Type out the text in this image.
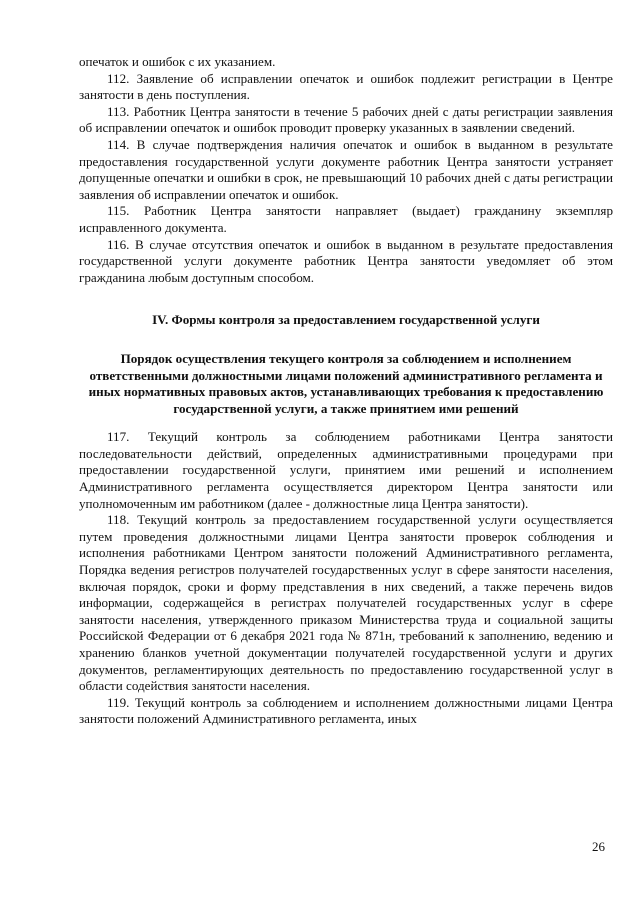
опечаток и ошибок с их указанием.

112. Заявление об исправлении опечаток и ошибок подлежит регистрации в Центре занятости в день поступления.

113. Работник Центра занятости в течение 5 рабочих дней с даты регистрации заявления об исправлении опечаток и ошибок проводит проверку указанных в заявлении сведений.

114. В случае подтверждения наличия опечаток и ошибок в выданном в результате предоставления государственной услуги документе работник Центра занятости устраняет допущенные опечатки и ошибки в срок, не превышающий 10 рабочих дней с даты регистрации заявления об исправлении опечаток и ошибок.

115. Работник Центра занятости направляет (выдает) гражданину экземпляр исправленного документа.

116. В случае отсутствия опечаток и ошибок в выданном в результате предоставления государственной услуги документе работник Центра занятости уведомляет об этом гражданина любым доступным способом.

IV. Формы контроля за предоставлением государственной услуги
Порядок осуществления текущего контроля за соблюдением и исполнением ответственными должностными лицами положений административного регламента и иных нормативных правовых актов, устанавливающих требования к предоставлению государственной услуги, а также принятием ими решений

117. Текущий контроль за соблюдением работниками Центра занятости последовательности действий, определенных административными процедурами при предоставлении государственной услуги, принятием ими решений и исполнением Административного регламента осуществляется директором Центра занятости или уполномоченным им работником (далее - должностные лица Центра занятости).

118. Текущий контроль за предоставлением государственной услуги осуществляется путем проведения должностными лицами Центра занятости проверок соблюдения и исполнения работниками Центром занятости положений Административного регламента, Порядка ведения регистров получателей государственных услуг в сфере занятости населения, включая порядок, сроки и форму представления в них сведений, а также перечень видов информации, содержащейся в регистрах получателей государственных услуг в сфере занятости населения, утвержденного приказом Министерства труда и социальной защиты Российской Федерации от 6 декабря 2021 года № 871н, требований к заполнению, ведению и хранению бланков учетной документации получателей государственной услуги и других документов, регламентирующих деятельность по предоставлению государственной услуг в области содействия занятости населения.

119. Текущий контроль за соблюдением и исполнением должностными лицами Центра занятости положений Административного регламента, иных

26
